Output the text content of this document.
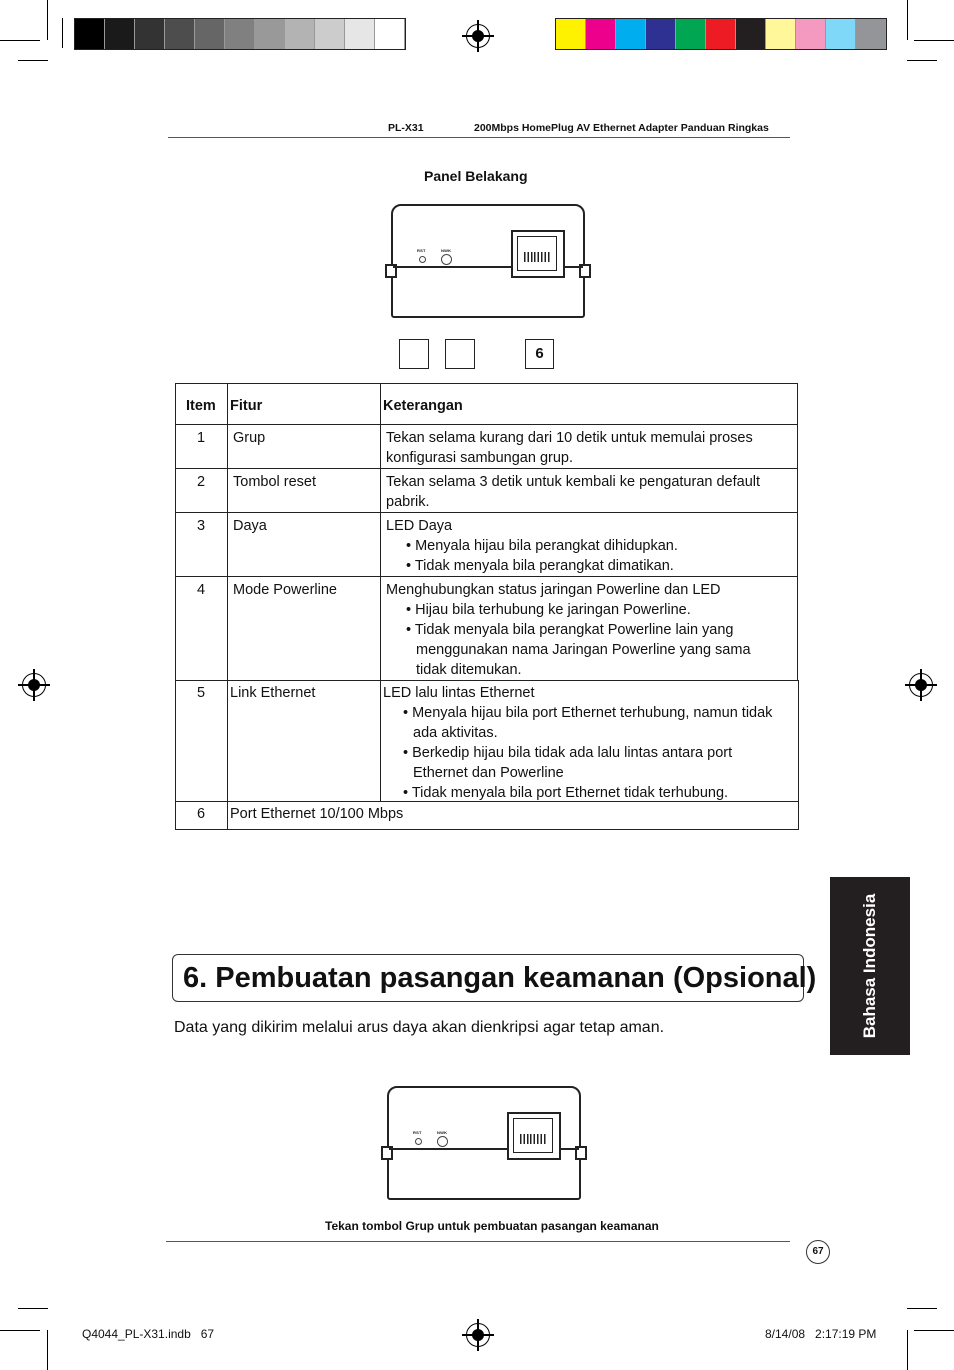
PL-X31	200Mbps HomePlug AV Ethernet Adapter Panduan Ringkas
Panel Belakang
RST	NWK
6
Item Fitur	Keterangan
1 Grup	Tekan selama kurang dari 10 detik untuk memulai proses
konfigurasi sambungan grup.
2 Tombol reset	Tekan selama 3 detik untuk kembali ke pengaturan default
pabrik.
3 Daya	LED Daya
• Menyala hijau bila perangkat dihidupkan.
• Tidak menyala bila perangkat dimatikan.
4 Mode Powerline	Menghubungkan status jaringan Powerline dan LED
• Hijau bila terhubung ke jaringan Powerline.
• Tidak menyala bila perangkat Powerline lain yang
menggunakan nama Jaringan Powerline yang sama
tidak ditemukan.
5 Link Ethernet	LED lalu lintas Ethernet
• Menyala hijau bila port Ethernet terhubung, namun tidak
ada aktivitas.
• Berkedip hijau bila tidak ada lalu lintas antara port
Ethernet dan Powerline
• Tidak menyala bila port Ethernet tidak terhubung.
6 Port Ethernet 10/100 Mbps
Bahasa Indonesia
6. Pembuatan pasangan keamanan (Opsional)
Data yang dikirim melalui arus daya akan dienkripsi agar tetap aman.
RST	NWK
Tekan tombol Grup untuk pembuatan pasangan keamanan
67
Q4044_PL-X31.indb   67	8/14/08   2:17:19 PM
